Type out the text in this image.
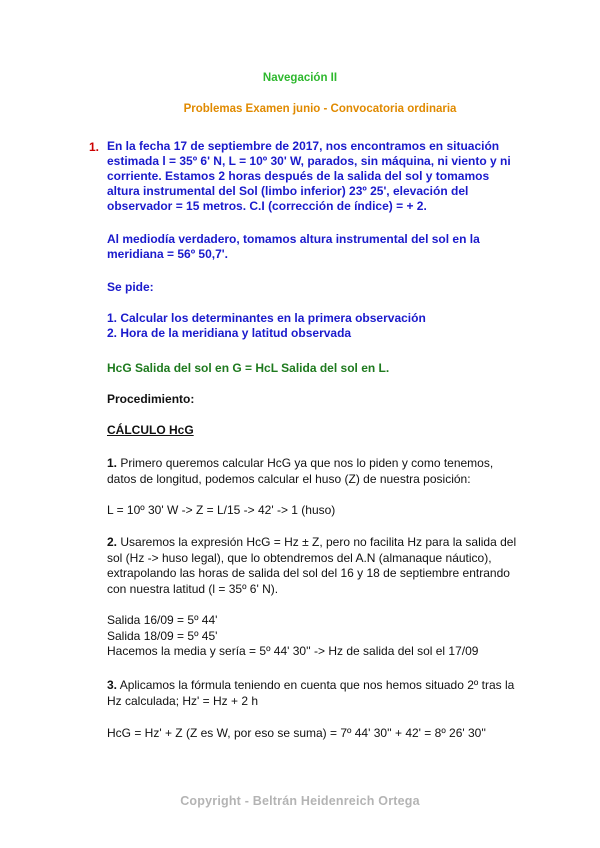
Navegación II
Problemas Examen junio - Convocatoria ordinaria
1. En la fecha 17 de septiembre de 2017, nos encontramos en situación
estimada l = 35º 6' N, L = 10º 30' W, parados, sin máquina, ni viento y ni
corriente. Estamos 2 horas después de la salida del sol y tomamos
altura instrumental del Sol (limbo inferior) 23º 25', elevación del
observador = 15 metros. C.I (corrección de índice) = + 2.
Al mediodía verdadero, tomamos altura instrumental del sol en la
meridiana = 56º 50,7'.
Se pide:
1. Calcular los determinantes en la primera observación
2. Hora de la meridiana y latitud observada
HcG Salida del sol en G = HcL Salida del sol en L.
Procedimiento:
CÁLCULO HcG
1. Primero queremos calcular HcG ya que nos lo piden y como tenemos,
datos de longitud, podemos calcular el huso (Z) de nuestra posición:
L = 10º 30' W -> Z = L/15 -> 42' -> 1 (huso)
2. Usaremos la expresión HcG = Hz ± Z, pero no facilita Hz para la salida del
sol (Hz -> huso legal), que lo obtendremos del A.N (almanaque náutico),
extrapolando las horas de salida del sol del 16 y 18 de septiembre entrando
con nuestra latitud (l = 35º 6' N).
Salida 16/09 = 5º 44'
Salida 18/09 = 5º 45'
Hacemos la media y sería = 5º 44' 30'' -> Hz de salida del sol el 17/09
3. Aplicamos la fórmula teniendo en cuenta que nos hemos situado 2º tras la
Hz calculada; Hz' = Hz + 2 h
HcG = Hz' + Z (Z es W, por eso se suma) = 7º 44' 30'' + 42' = 8º 26' 30''
Copyright - Beltrán Heidenreich Ortega
